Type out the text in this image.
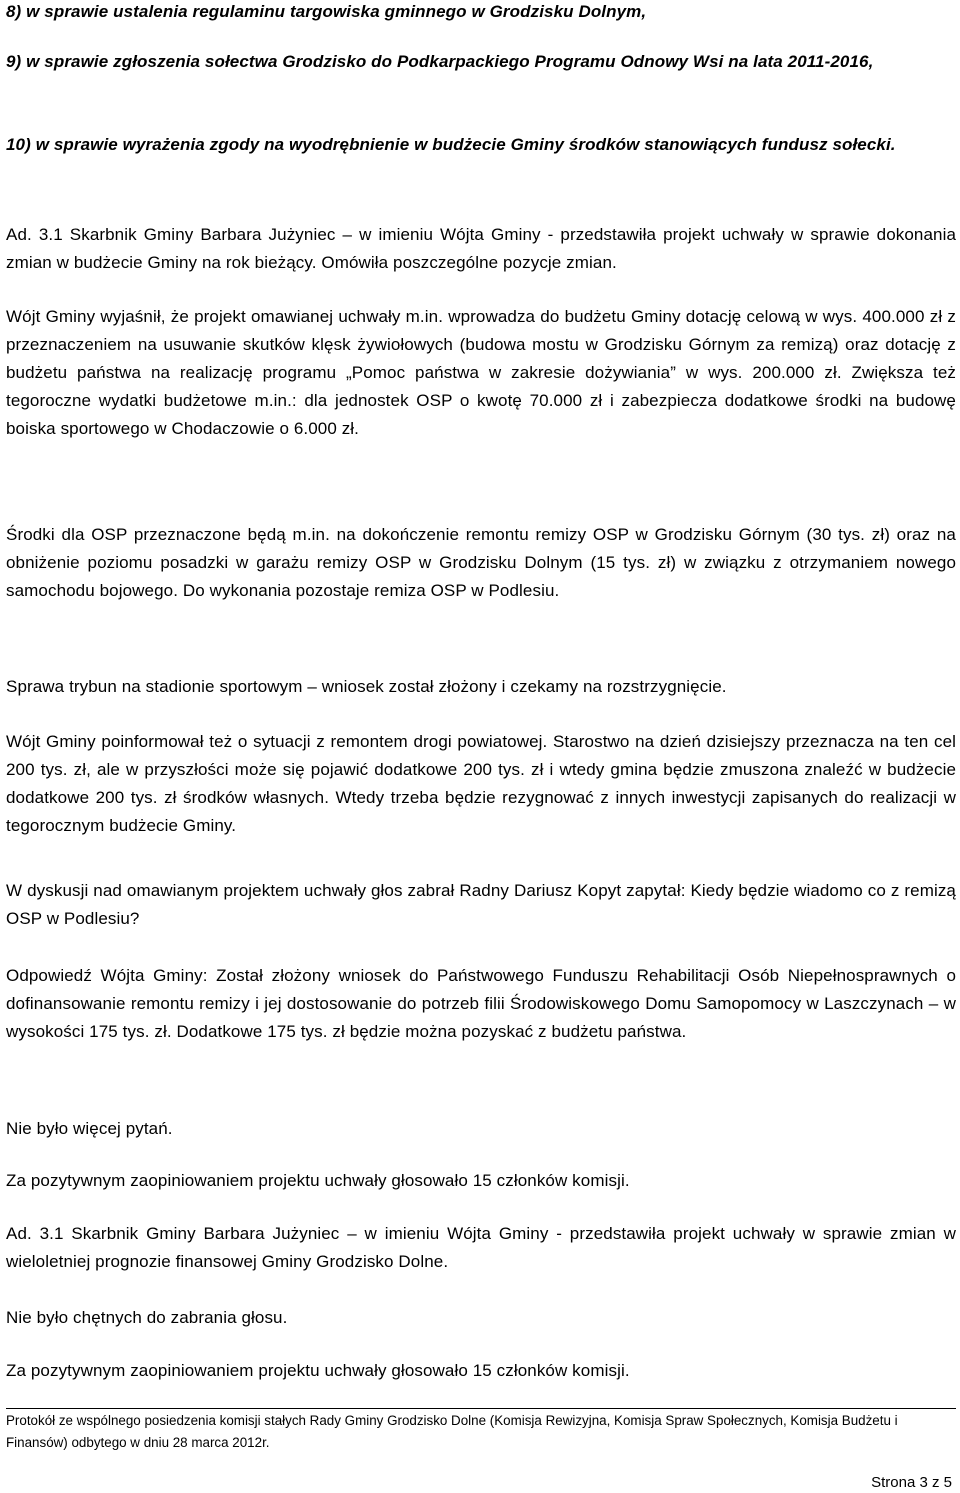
8) w sprawie ustalenia regulaminu targowiska gminnego w Grodzisku Dolnym,

9) w sprawie zgłoszenia sołectwa Grodzisko do Podkarpackiego Programu Odnowy Wsi na lata 2011-2016,

10) w sprawie wyrażenia zgody na wyodrębnienie w budżecie Gminy środków stanowiących fundusz sołecki.

Ad. 3.1 Skarbnik Gminy Barbara Jużyniec – w imieniu Wójta Gminy - przedstawiła projekt uchwały w sprawie dokonania zmian w budżecie Gminy na rok bieżący. Omówiła poszczególne pozycje zmian.

Wójt Gminy wyjaśnił, że projekt omawianej uchwały m.in. wprowadza do budżetu Gminy dotację celową w wys. 400.000 zł z przeznaczeniem na usuwanie skutków klęsk żywiołowych (budowa mostu w Grodzisku Górnym za remizą) oraz dotację z budżetu państwa na realizację programu „Pomoc państwa w zakresie dożywiania” w wys. 200.000 zł. Zwiększa też tegoroczne wydatki budżetowe m.in.: dla jednostek OSP o kwotę 70.000 zł i zabezpiecza dodatkowe środki na budowę boiska sportowego w Chodaczowie o 6.000 zł.

Środki dla OSP przeznaczone będą m.in. na dokończenie remontu remizy OSP w Grodzisku Górnym (30 tys. zł) oraz na obniżenie poziomu posadzki w garażu remizy OSP w Grodzisku Dolnym (15 tys. zł) w związku z otrzymaniem nowego samochodu bojowego. Do wykonania pozostaje remiza OSP w Podlesiu.

Sprawa trybun na stadionie sportowym – wniosek został złożony i czekamy na rozstrzygnięcie.

Wójt Gminy poinformował też o sytuacji z remontem drogi powiatowej. Starostwo na dzień dzisiejszy przeznacza na ten cel 200 tys. zł, ale w przyszłości może się pojawić dodatkowe 200 tys. zł i wtedy gmina będzie zmuszona znaleźć w budżecie dodatkowe 200 tys. zł środków własnych. Wtedy trzeba będzie rezygnować z innych inwestycji zapisanych do realizacji w tegorocznym budżecie Gminy.

W dyskusji nad omawianym projektem uchwały głos zabrał Radny Dariusz Kopyt zapytał: Kiedy będzie wiadomo co z remizą OSP w Podlesiu?

Odpowiedź Wójta Gminy: Został złożony wniosek do Państwowego Funduszu Rehabilitacji Osób Niepełnosprawnych o dofinansowanie remontu remizy i jej dostosowanie do potrzeb filii Środowiskowego Domu Samopomocy w Laszczynach – w wysokości 175 tys. zł. Dodatkowe 175 tys. zł będzie można pozyskać z budżetu państwa.

Nie było więcej pytań.

Za pozytywnym zaopiniowaniem projektu uchwały głosowało 15 członków komisji.

Ad. 3.1 Skarbnik Gminy Barbara Jużyniec – w imieniu Wójta Gminy - przedstawiła projekt uchwały w sprawie zmian w wieloletniej prognozie finansowej Gminy Grodzisko Dolne.

Nie było chętnych do zabrania głosu.

Za pozytywnym zaopiniowaniem projektu uchwały głosowało 15 członków komisji.

Protokół ze wspólnego posiedzenia komisji stałych Rady Gminy Grodzisko Dolne (Komisja Rewizyjna, Komisja Spraw Społecznych, Komisja Budżetu i Finansów) odbytego w dniu 28 marca 2012r.

Strona 3 z 5
